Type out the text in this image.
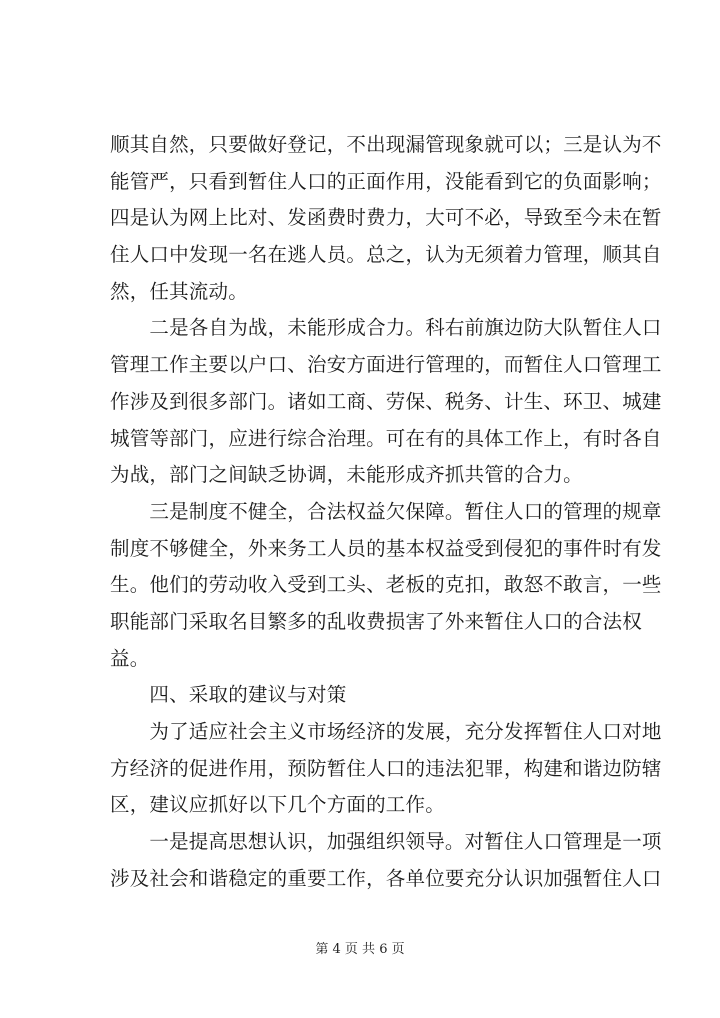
顺其自然，只要做好登记，不出现漏管现象就可以；三是认为不
能管严，只看到暂住人口的正面作用，没能看到它的负面影响；
四是认为网上比对、发函费时费力，大可不必，导致至今未在暂
住人口中发现一名在逃人员。总之，认为无须着力管理，顺其自
然，任其流动。
　　二是各自为战，未能形成合力。科右前旗边防大队暂住人口
管理工作主要以户口、治安方面进行管理的，而暂住人口管理工
作涉及到很多部门。诸如工商、劳保、税务、计生、环卫、城建
城管等部门，应进行综合治理。可在有的具体工作上，有时各自
为战，部门之间缺乏协调，未能形成齐抓共管的合力。
　　三是制度不健全，合法权益欠保障。暂住人口的管理的规章
制度不够健全，外来务工人员的基本权益受到侵犯的事件时有发
生。他们的劳动收入受到工头、老板的克扣，敢怒不敢言，一些
职能部门采取名目繁多的乱收费损害了外来暂住人口的合法权
益。
　　四、采取的建议与对策
　　为了适应社会主义市场经济的发展，充分发挥暂住人口对地
方经济的促进作用，预防暂住人口的违法犯罪，构建和谐边防辖
区，建议应抓好以下几个方面的工作。
　　一是提高思想认识，加强组织领导。对暂住人口管理是一项
涉及社会和谐稳定的重要工作，各单位要充分认识加强暂住人口
第 4 页 共 6 页
